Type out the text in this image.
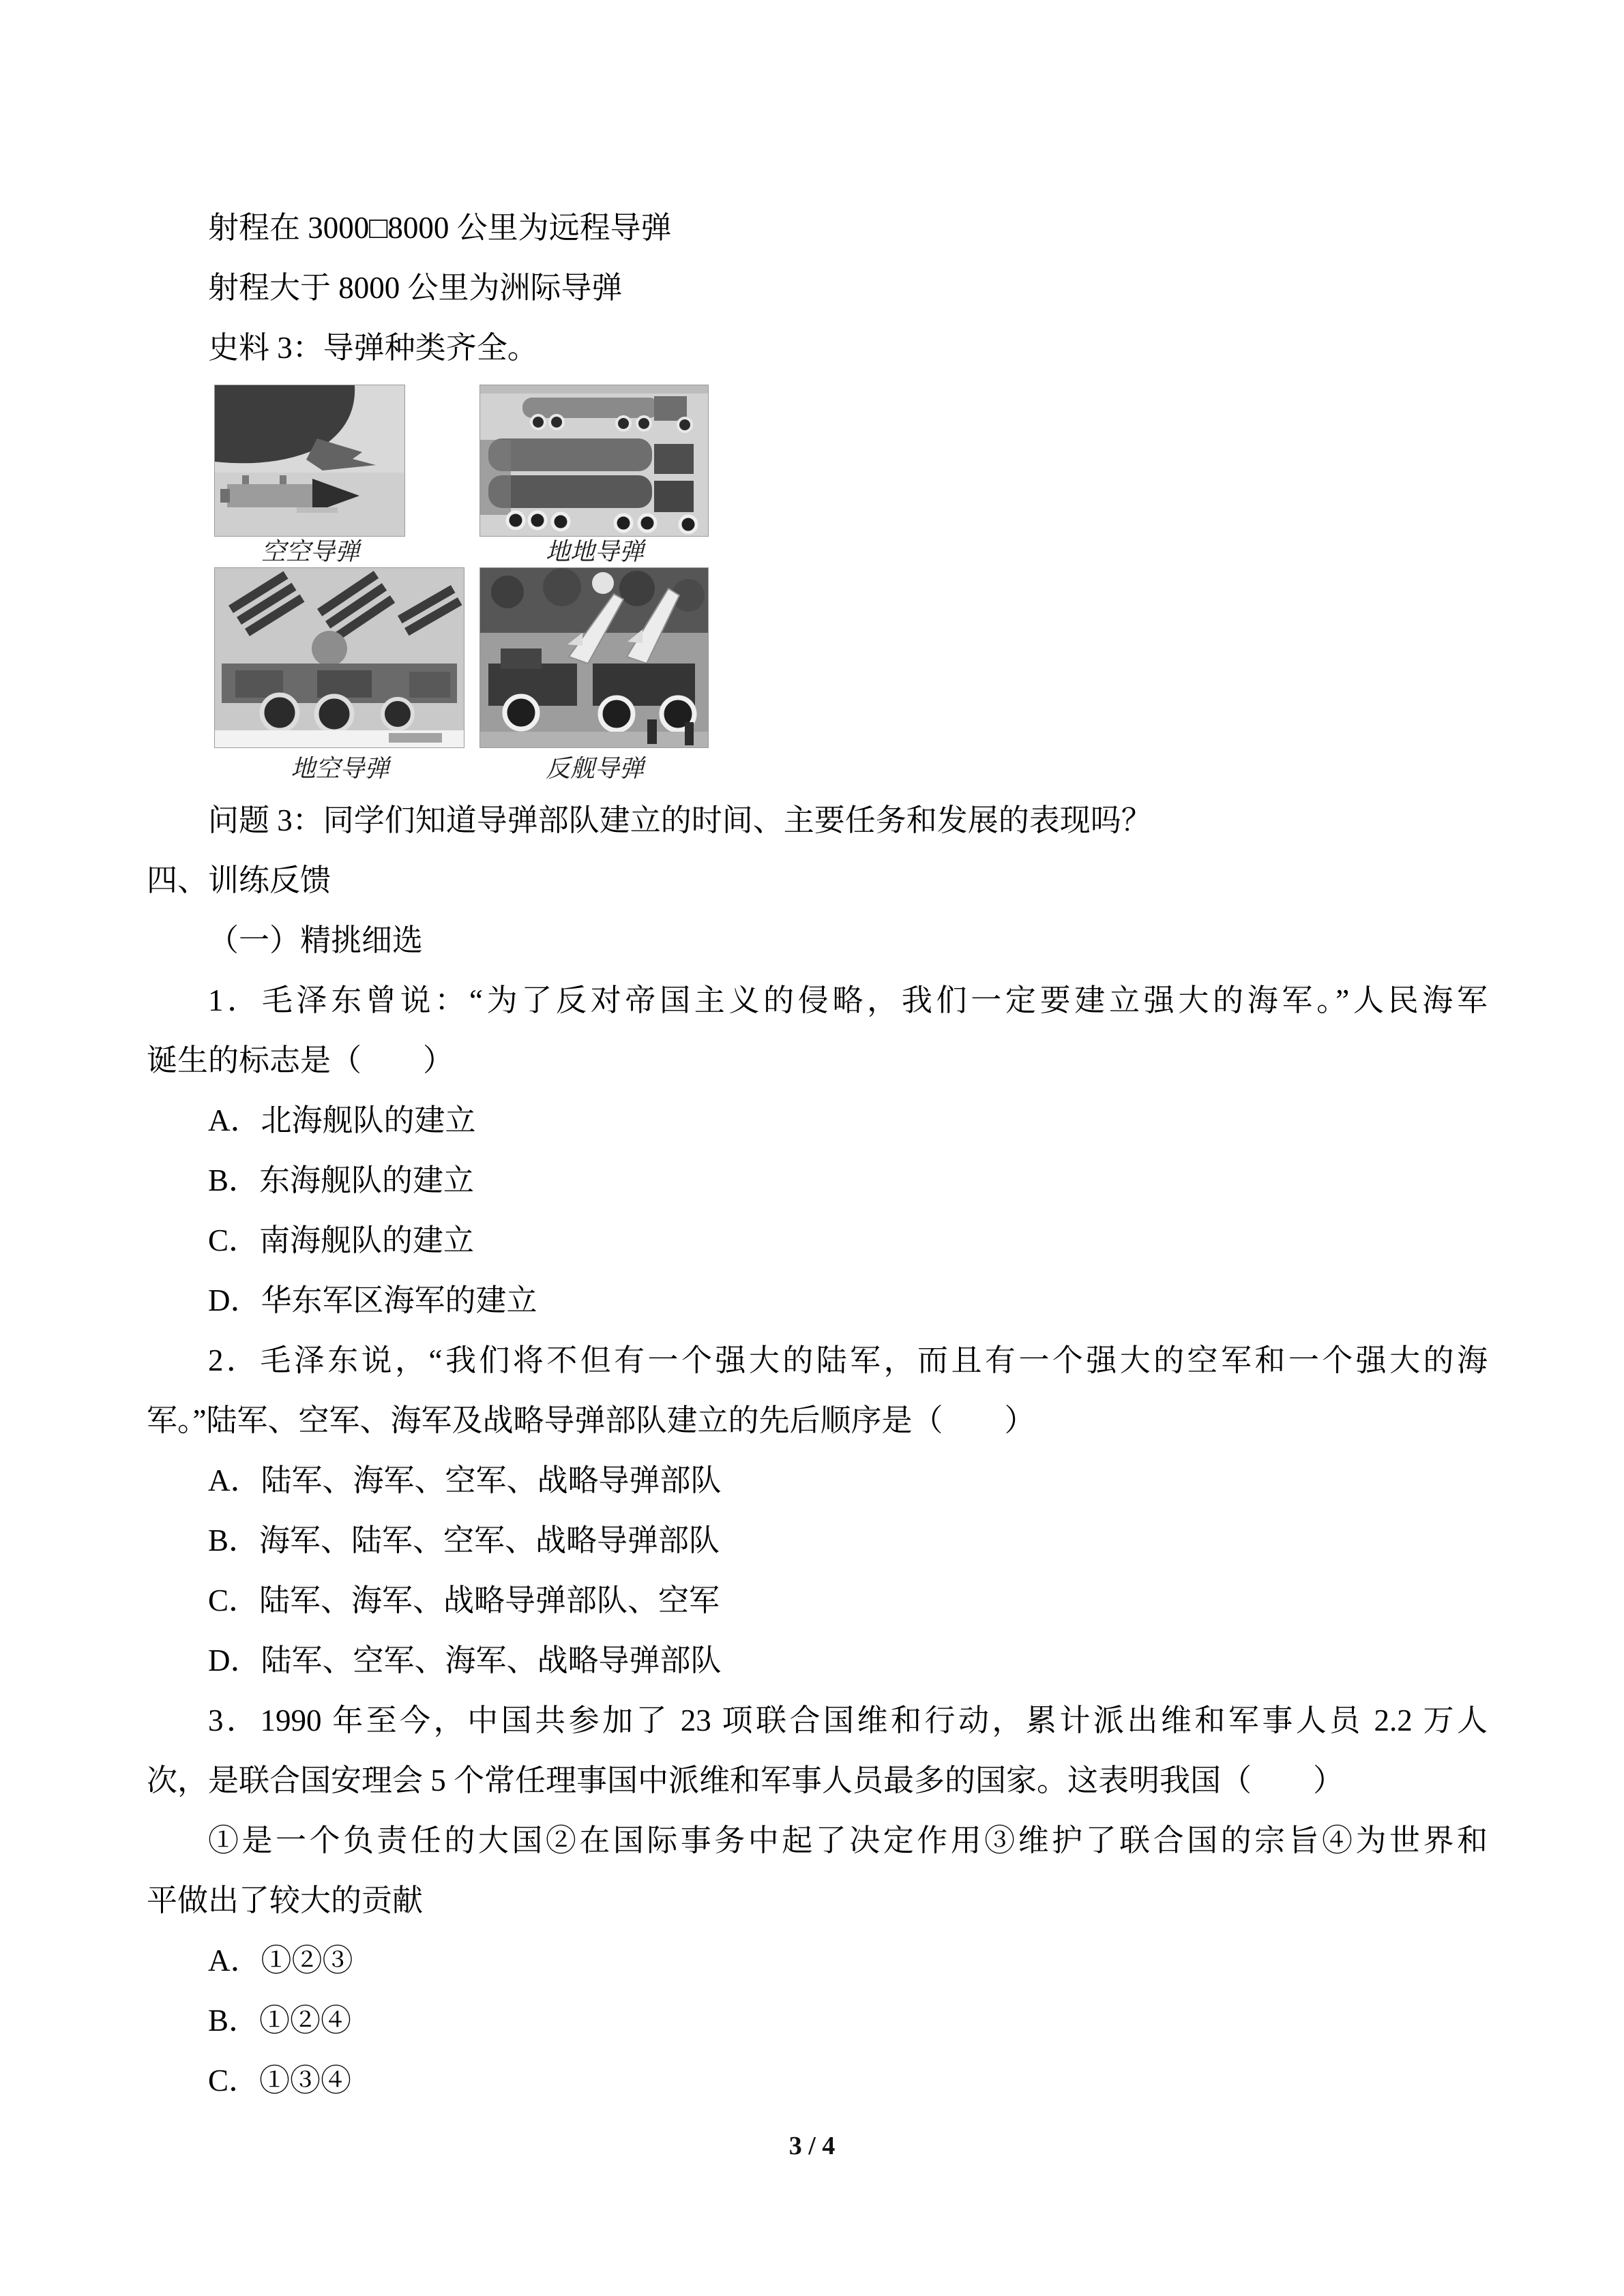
射程在 3000□8000 公里为远程导弹

射程大于 8000 公里为洲际导弹

史料 3：导弹种类齐全。

空空导弹	地地导弹
地空导弹	反舰导弹

问题 3：同学们知道导弹部队建立的时间、主要任务和发展的表现吗？

四、训练反馈

（一）精挑细选

1．毛泽东曾说：“为了反对帝国主义的侵略，我们一定要建立强大的海军。”人民海军

诞生的标志是（　　）

A．北海舰队的建立

B．东海舰队的建立

C．南海舰队的建立

D．华东军区海军的建立

2．毛泽东说，“我们将不但有一个强大的陆军，而且有一个强大的空军和一个强大的海

军。”陆军、空军、海军及战略导弹部队建立的先后顺序是（　　）

A．陆军、海军、空军、战略导弹部队

B．海军、陆军、空军、战略导弹部队

C．陆军、海军、战略导弹部队、空军

D．陆军、空军、海军、战略导弹部队

3．1990 年至今，中国共参加了 23 项联合国维和行动，累计派出维和军事人员 2.2 万人

次，是联合国安理会 5 个常任理事国中派维和军事人员最多的国家。这表明我国（　　）

①是一个负责任的大国②在国际事务中起了决定作用③维护了联合国的宗旨④为世界和

平做出了较大的贡献

A．①②③

B．①②④

C．①③④

3 / 4
